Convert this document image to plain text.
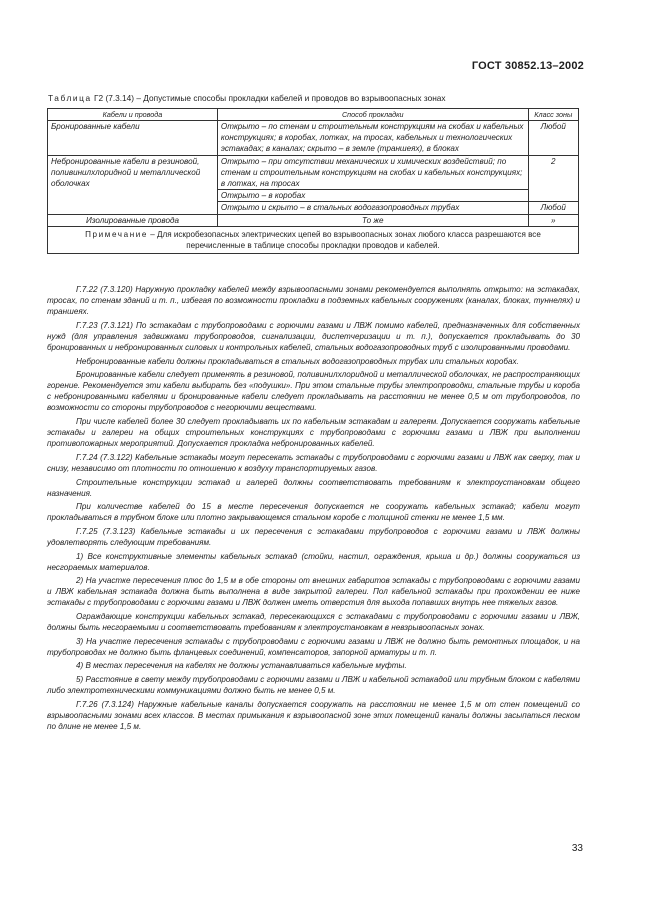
ГОСТ 30852.13–2002
Таблица Г2 (7.3.14) – Допустимые способы прокладки кабелей и проводов во взрывоопасных зонах
Кабели и провода	Способ прокладки	Класс зоны
Бронированные кабели	Открыто – по стенам и строительным конструкциям на скобах и кабельных конструкциях; в коробах, лотках, на тросах, кабельных и технологических эстакадах; в каналах; скрыто – в земле (траншеях), в блоках	Любой
Небронированные кабели в резиновой, поливинилхлоридной и металлической оболочках	Открыто – при отсутствии механических и химических воздействий; по стенам и строительным конструкциям на скобах и кабельных конструкциях; в лотках, на тросах	2
	Открыто – в коробах	
	Открыто и скрыто – в стальных водогазопроводных трубах	Любой
Изолированные провода	То же	»
Примечание – Для искробезопасных электрических цепей во взрывоопасных зонах любого класса разрешаются все перечисленные в таблице способы прокладки проводов и кабелей.		

Г.7.22 (7.3.120) Наружную прокладку кабелей между взрывоопасными зонами рекомендуется выполнять открыто: на эстакадах, тросах, по стенам зданий и т. п., избегая по возможности прокладки в подземных кабельных сооружениях (каналах, блоках, туннелях) и траншеях.

Г.7.23 (7.3.121) По эстакадам с трубопроводами с горючими газами и ЛВЖ помимо кабелей, предназначенных для собственных нужд (для управления задвижками трубопроводов, сигнализации, диспетчеризации и т. п.), допускается прокладывать до 30 бронированных и небронированных силовых и контрольных кабелей, стальных водогазопроводных труб с изолированными проводами.

Небронированные кабели должны прокладываться в стальных водогазопроводных трубах или стальных коробах.

Бронированные кабели следует применять в резиновой, поливинилхлоридной и металлической оболочках, не распространяющих горение. Рекомендуется эти кабели выбирать без «подушки». При этом стальные трубы электропроводки, стальные трубы и короба с небронированными кабелями и бронированные кабели следует прокладывать на расстоянии не менее 0,5 м от трубопроводов, по возможности со стороны трубопроводов с негорючими веществами.

При числе кабелей более 30 следует прокладывать их по кабельным эстакадам и галереям. Допускается сооружать кабельные эстакады и галереи на общих строительных конструкциях с трубопроводами с горючими газами и ЛВЖ при выполнении противопожарных мероприятий. Допускается прокладка небронированных кабелей.

Г.7.24 (7.3.122) Кабельные эстакады могут пересекать эстакады с трубопроводами с горючими газами и ЛВЖ как сверху, так и снизу, независимо от плотности по отношению к воздуху транспортируемых газов.

Строительные конструкции эстакад и галерей должны соответствовать требованиям к электроустановкам общего назначения.

При количестве кабелей до 15 в месте пересечения допускается не сооружать кабельных эстакад; кабели могут прокладываться в трубном блоке или плотно закрывающемся стальном коробе с толщиной стенки не менее 1,5 мм.

Г.7.25 (7.3.123) Кабельные эстакады и их пересечения с эстакадами трубопроводов с горючими газами и ЛВЖ должны удовлетворять следующим требованиям.

1) Все конструктивные элементы кабельных эстакад (стойки, настил, ограждения, крыша и др.) должны сооружаться из несгораемых материалов.

2) На участке пересечения плюс до 1,5 м в обе стороны от внешних габаритов эстакады с трубопроводами с горючими газами и ЛВЖ кабельная эстакада должна быть выполнена в виде закрытой галереи. Пол кабельной эстакады при прохождении ее ниже эстакады с трубопроводами с горючими газами и ЛВЖ должен иметь отверстия для выхода попавших внутрь нее тяжелых газов.

Ограждающие конструкции кабельных эстакад, пересекающихся с эстакадами с трубопроводами с горючими газами и ЛВЖ, должны быть несгораемыми и соответствовать требованиям к электроустановкам в невзрывоопасных зонах.

3) На участке пересечения эстакады с трубопроводами с горючими газами и ЛВЖ не должно быть ремонтных площадок, и на трубопроводах не должно быть фланцевых соединений, компенсаторов, запорной арматуры и т. п.

4) В местах пересечения на кабелях не должны устанавливаться кабельные муфты.

5) Расстояние в свету между трубопроводами с горючими газами и ЛВЖ и кабельной эстакадой или трубным блоком с кабелями либо электротехническими коммуникациями должно быть не менее 0,5 м.

Г.7.26 (7.3.124) Наружные кабельные каналы допускается сооружать на расстоянии не менее 1,5 м от стен помещений со взрывоопасными зонами всех классов. В местах примыкания к взрывоопасной зоне этих помещений каналы должны засыпаться песком по длине не менее 1,5 м.

33
